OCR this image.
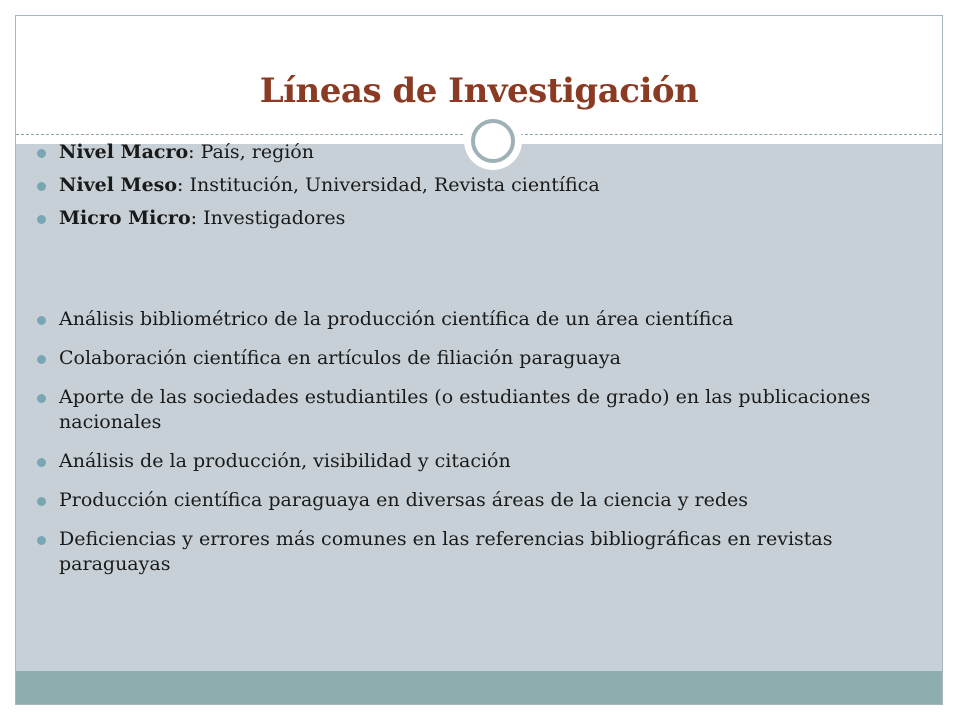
Líneas de Investigación
Nivel Macro: País, región
Nivel Meso: Institución, Universidad, Revista científica
Micro Micro: Investigadores
Análisis bibliométrico de la producción científica de un área científica
Colaboración científica en artículos de filiación paraguaya
Aporte de las sociedades estudiantiles (o estudiantes de grado) en las publicaciones nacionales
Análisis de la producción, visibilidad y citación
Producción científica paraguaya en diversas áreas de la ciencia y redes
Deficiencias y errores más comunes en las referencias bibliográficas en revistas paraguayas
